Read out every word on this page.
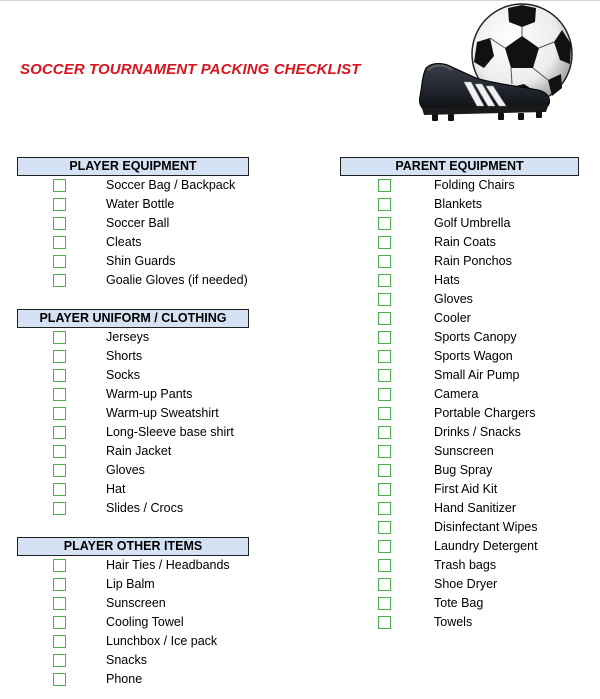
SOCCER TOURNAMENT PACKING CHECKLIST
PLAYER EQUIPMENT
Soccer Bag / Backpack
Water Bottle
Soccer Ball
Cleats
Shin Guards
Goalie Gloves (if needed)
PLAYER UNIFORM / CLOTHING
Jerseys
Shorts
Socks
Warm-up Pants
Warm-up Sweatshirt
Long-Sleeve base shirt
Rain Jacket
Gloves
Hat
Slides / Crocs
PLAYER OTHER ITEMS
Hair Ties / Headbands
Lip Balm
Sunscreen
Cooling Towel
Lunchbox / Ice pack
Snacks
Phone
PARENT EQUIPMENT
Folding Chairs
Blankets
Golf Umbrella
Rain Coats
Rain Ponchos
Hats
Gloves
Cooler
Sports Canopy
Sports Wagon
Small Air Pump
Camera
Portable Chargers
Drinks / Snacks
Sunscreen
Bug Spray
First Aid Kit
Hand Sanitizer
Disinfectant Wipes
Laundry Detergent
Trash bags
Shoe Dryer
Tote Bag
Towels
